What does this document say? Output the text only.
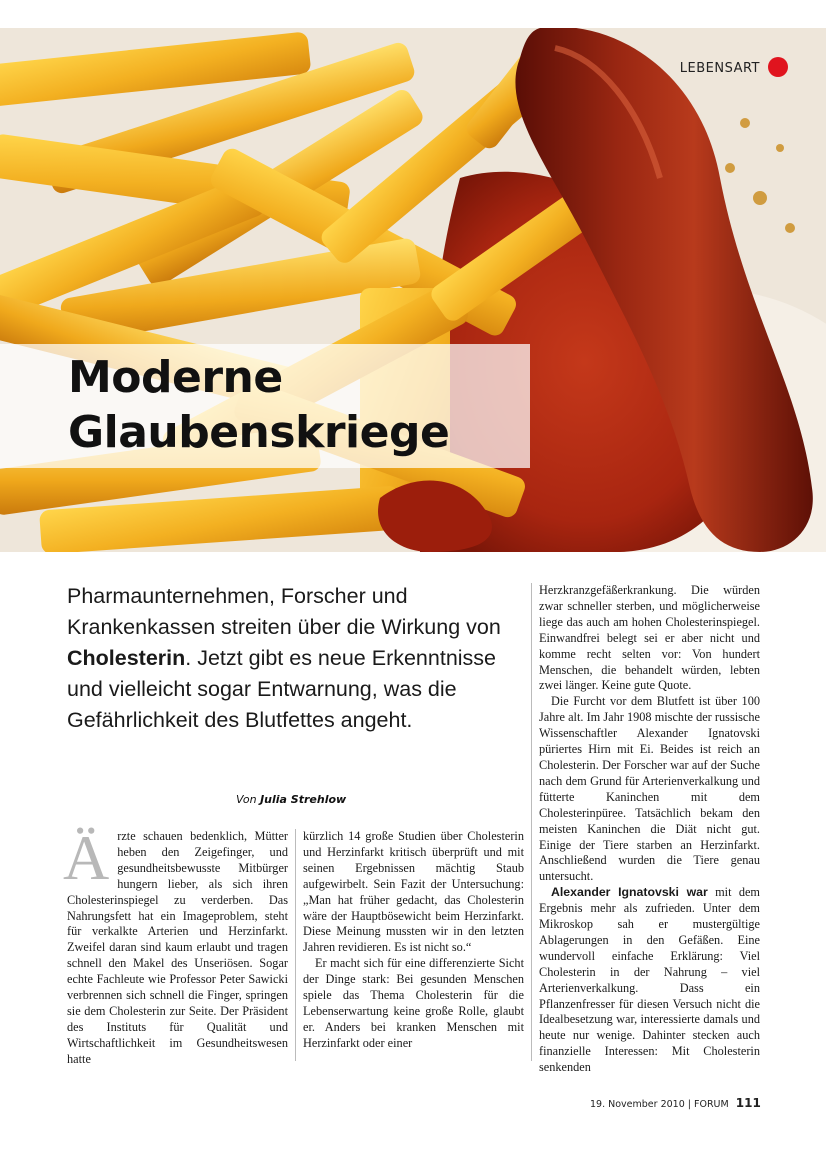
LEBENSART
Moderne
Glaubenskriege

Pharmaunternehmen, Forscher und Krankenkassen streiten über die Wirkung von Cholesterin. Jetzt gibt es neue Erkenntnisse und vielleicht sogar Entwarnung, was die Gefährlichkeit des Blutfettes angeht.

Von Julia Strehlow

Ärzte schauen bedenklich, Mütter heben den Zeigefinger, und gesundheitsbewusste Mitbürger hungern lieber, als sich ihren Cholesterinspiegel zu verderben. Das Nahrungsfett hat ein Imageproblem, steht für verkalkte Arterien und Herzinfarkt. Zweifel daran sind kaum erlaubt und tragen schnell den Makel des Unseriösen. Sogar echte Fachleute wie Professor Peter Sawicki verbrennen sich schnell die Finger, springen sie dem Cholesterin zur Seite. Der Präsident des Instituts für Qualität und Wirtschaftlichkeit im Gesundheitswesen hatte

kürzlich 14 große Studien über Cholesterin und Herzinfarkt kritisch überprüft und mit seinen Ergebnissen mächtig Staub aufgewirbelt. Sein Fazit der Untersuchung: „Man hat früher gedacht, das Cholesterin wäre der Hauptbösewicht beim Herzinfarkt. Diese Meinung mussten wir in den letzten Jahren revidieren. Es ist nicht so.“

Er macht sich für eine differenzierte Sicht der Dinge stark: Bei gesunden Menschen spiele das Thema Cholesterin für die Lebenserwartung keine große Rolle, glaubt er. Anders bei kranken Menschen mit Herzinfarkt oder einer

Herzkranzgefäßerkrankung. Die würden zwar schneller sterben, und möglicherweise liege das auch am hohen Cholesterinspiegel. Einwandfrei belegt sei er aber nicht und komme recht selten vor: Von hundert Menschen, die behandelt würden, lebten zwei länger. Keine gute Quote.

Die Furcht vor dem Blutfett ist über 100 Jahre alt. Im Jahr 1908 mischte der russische Wissenschaftler Alexander Ignatovski püriertes Hirn mit Ei. Beides ist reich an Cholesterin. Der Forscher war auf der Suche nach dem Grund für Arterienverkalkung und fütterte Kaninchen mit dem Cholesterinpüree. Tatsächlich bekam den meisten Kaninchen die Diät nicht gut. Einige der Tiere starben an Herzinfarkt. Anschließend wurden die Tiere genau untersucht.

Alexander Ignatovski war mit dem Ergebnis mehr als zufrieden. Unter dem Mikroskop sah er mustergültige Ablagerungen in den Gefäßen. Eine wundervoll einfache Erklärung: Viel Cholesterin in der Nahrung – viel Arterienverkalkung. Dass ein Pflanzenfresser für diesen Versuch nicht die Idealbesetzung war, interessierte damals und heute nur wenige. Dahinter stecken auch finanzielle Interessen: Mit Cholesterin senkenden

19. November 2010 | FORUM 111
